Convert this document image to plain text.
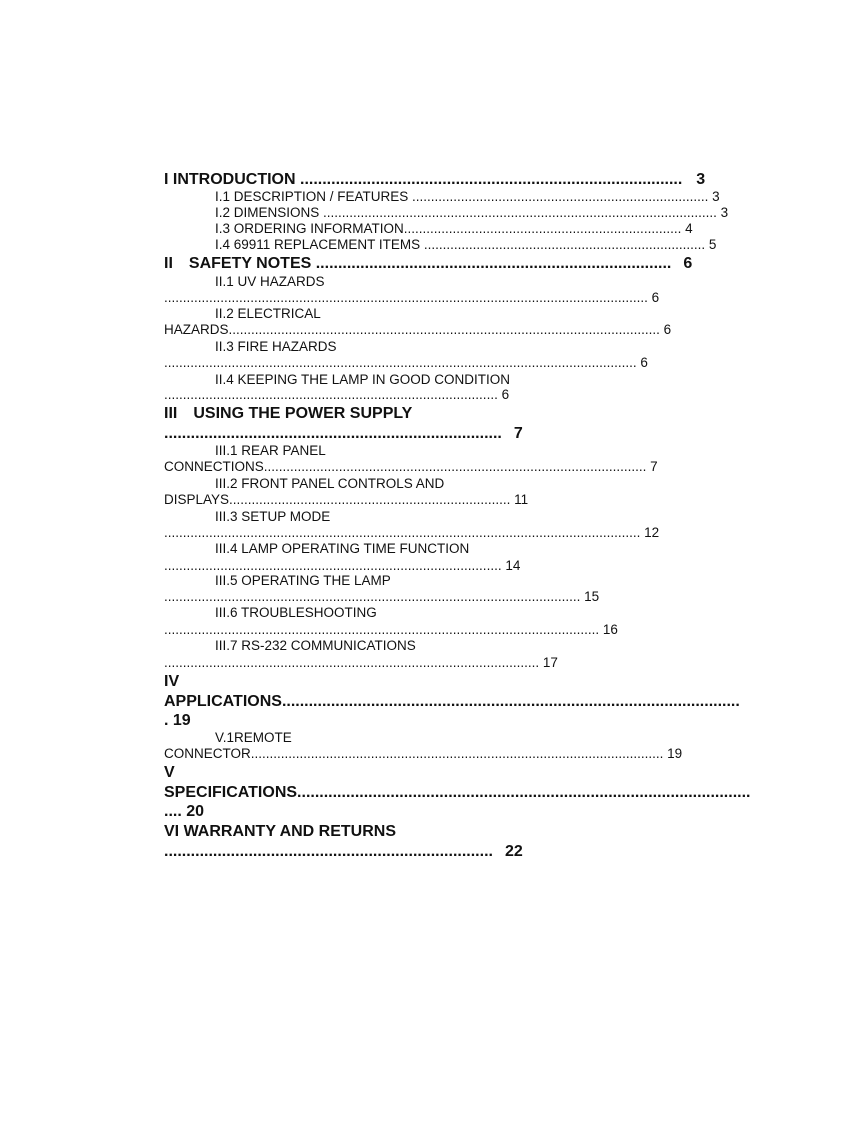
I INTRODUCTION ...................................................................................... 3
I.1 DESCRIPTION / FEATURES ............................................................................... 3
I.2 DIMENSIONS ......................................................................................................... 3
I.3 ORDERING INFORMATION.......................................................................... 4
I.4 69911 REPLACEMENT ITEMS ........................................................................... 5
II SAFETY NOTES ................................................................................ 6
II.1 UV HAZARDS
................................................................................................................................. 6
II.2 ELECTRICAL
HAZARDS................................................................................................................... 6
II.3 FIRE HAZARDS
.............................................................................................................................. 6
II.4 KEEPING THE LAMP IN GOOD CONDITION
......................................................................................... 6
III USING THE POWER SUPPLY
............................................................................ 7
III.1 REAR PANEL
CONNECTIONS...................................................................................................... 7
III.2 FRONT PANEL CONTROLS AND
DISPLAYS........................................................................... 11
III.3 SETUP MODE
............................................................................................................................... 12
III.4 LAMP OPERATING TIME FUNCTION
.......................................................................................... 14
III.5 OPERATING THE LAMP
............................................................................................................... 15
III.6 TROUBLESHOOTING
.................................................................................................................... 16
III.7 RS-232 COMMUNICATIONS
.................................................................................................... 17
IV
APPLICATIONS.......................................................................................................
. 19
V.1REMOTE
CONNECTOR.............................................................................................................. 19
V
SPECIFICATIONS......................................................................................................
.... 20
VI WARRANTY AND RETURNS
.......................................................................... 22
